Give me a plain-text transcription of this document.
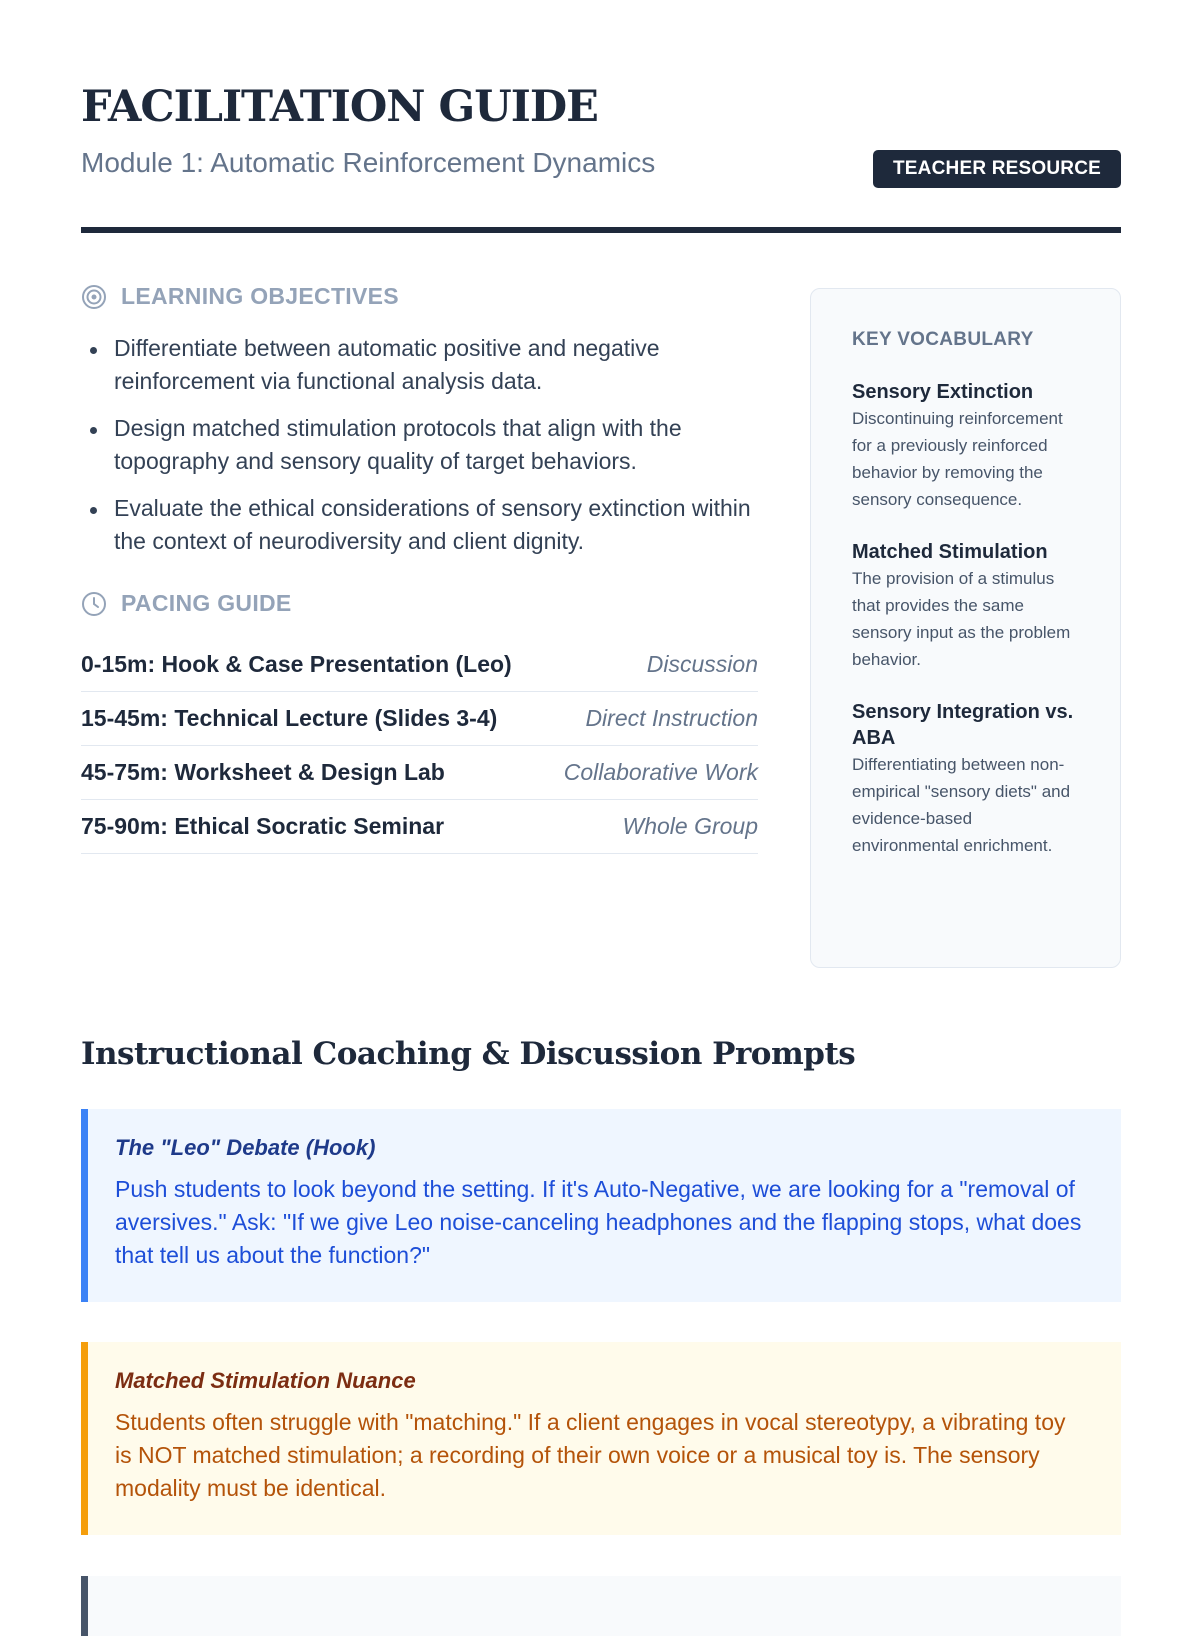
FACILITATION GUIDE
Module 1: Automatic Reinforcement Dynamics	TEACHER RESOURCE
LEARNING OBJECTIVES
Differentiate between automatic positive and negative reinforcement via functional analysis data.
Design matched stimulation protocols that align with the topography and sensory quality of target behaviors.
Evaluate the ethical considerations of sensory extinction within the context of neurodiversity and client dignity.
PACING GUIDE
0-15m: Hook & Case Presentation (Leo)	Discussion
15-45m: Technical Lecture (Slides 3-4)	Direct Instruction
45-75m: Worksheet & Design Lab	Collaborative Work
75-90m: Ethical Socratic Seminar	Whole Group
KEY VOCABULARY
Sensory Extinction
Discontinuing reinforcement for a previously reinforced behavior by removing the sensory consequence.
Matched Stimulation
The provision of a stimulus that provides the same sensory input as the problem behavior.
Sensory Integration vs. ABA
Differentiating between non-empirical "sensory diets" and evidence-based environmental enrichment.
Instructional Coaching & Discussion Prompts
The "Leo" Debate (Hook)
Push students to look beyond the setting. If it's Auto-Negative, we are looking for a "removal of aversives." Ask: "If we give Leo noise-canceling headphones and the flapping stops, what does that tell us about the function?"
Matched Stimulation Nuance
Students often struggle with "matching." If a client engages in vocal stereotypy, a vibrating toy is NOT matched stimulation; a recording of their own voice or a musical toy is. The sensory modality must be identical.
